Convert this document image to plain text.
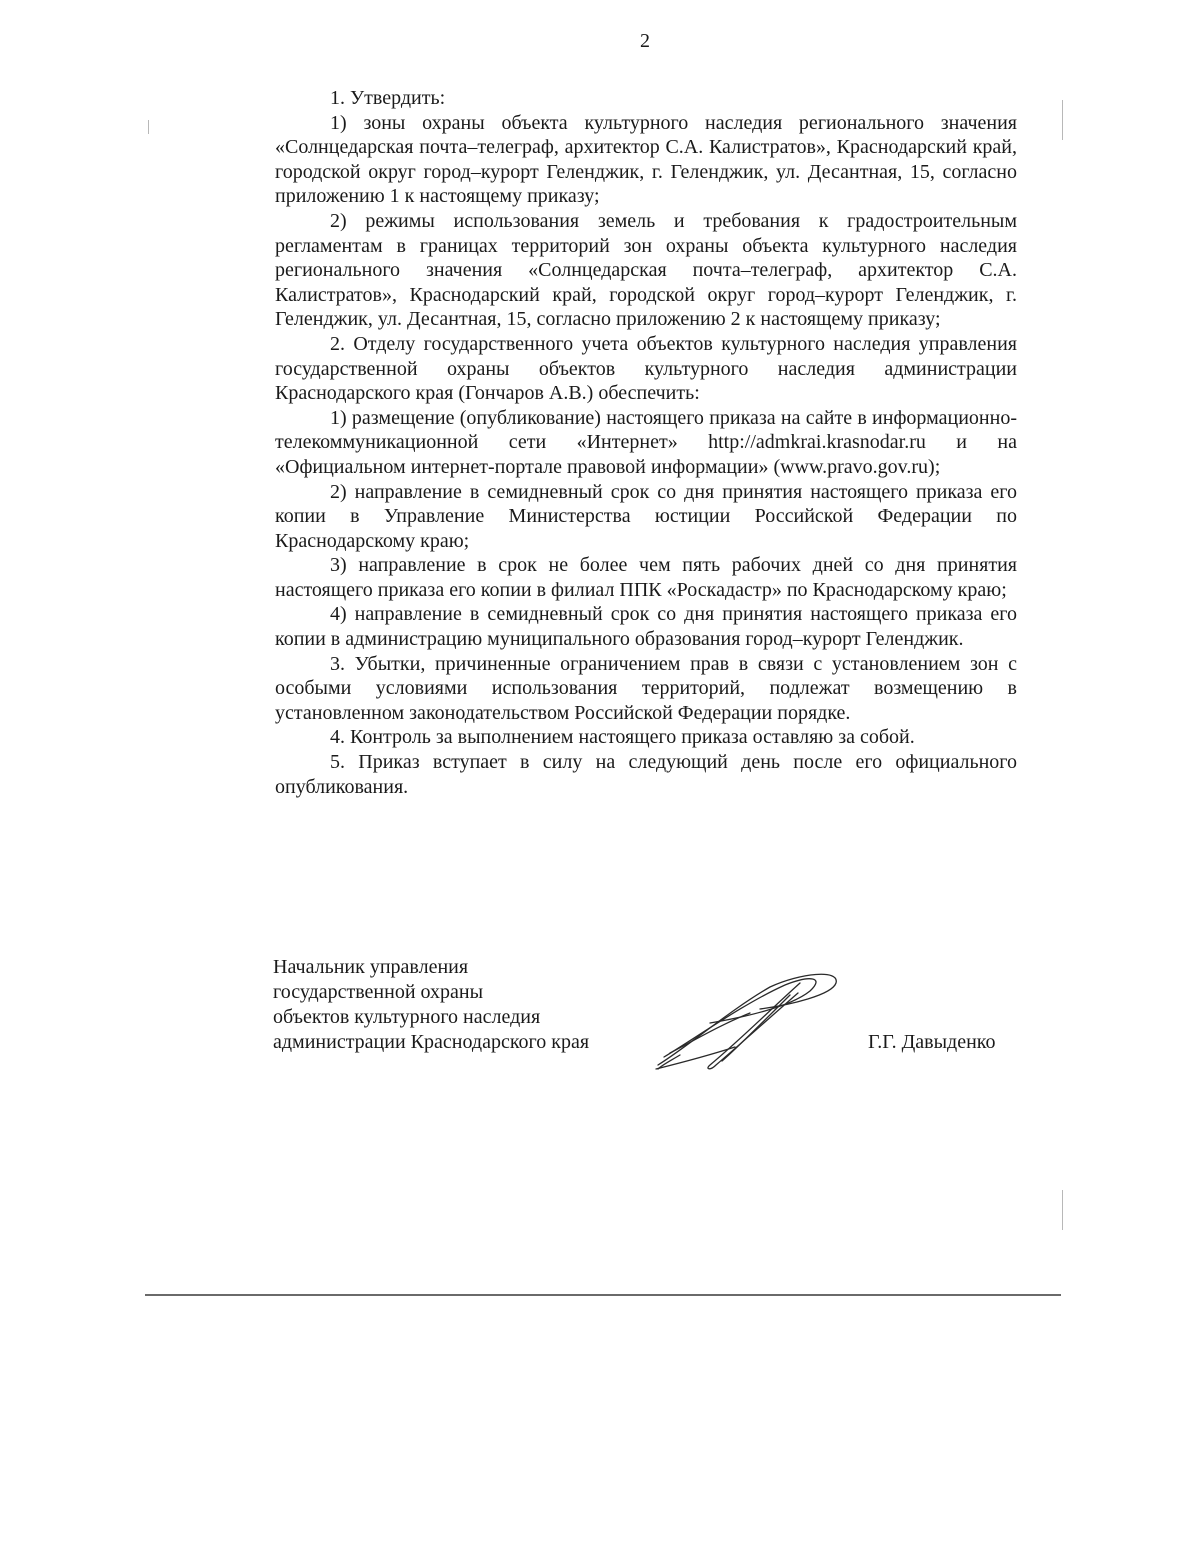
2

1. Утвердить:

1) зоны охраны объекта культурного наследия регионального значения «Солнцедарская почта–телеграф, архитектор С.А. Калистратов», Краснодарский край, городской округ город–курорт Геленджик, г. Геленджик, ул. Десантная, 15, согласно приложению 1 к настоящему приказу;

2) режимы использования земель и требования к градостроительным регламентам в границах территорий зон охраны объекта культурного наследия регионального значения «Солнцедарская почта–телеграф, архитектор С.А. Калистратов», Краснодарский край, городской округ город–курорт Геленджик, г. Геленджик, ул. Десантная, 15, согласно приложению 2 к настоящему приказу;

2. Отделу государственного учета объектов культурного наследия управления государственной охраны объектов культурного наследия администрации Краснодарского края (Гончаров А.В.) обеспечить:

1) размещение (опубликование) настоящего приказа на сайте в информационно-телекоммуникационной сети «Интернет» http://admkrai.krasnodar.ru и на «Официальном интернет-портале правовой информации» (www.pravo.gov.ru);

2) направление в семидневный срок со дня принятия настоящего приказа его копии в Управление Министерства юстиции Российской Федерации по Краснодарскому краю;

3) направление в срок не более чем пять рабочих дней со дня принятия настоящего приказа его копии в филиал ППК «Роскадастр» по Краснодарскому краю;

4) направление в семидневный срок со дня принятия настоящего приказа его копии в администрацию муниципального образования город–курорт Геленджик.

3. Убытки, причиненные ограничением прав в связи с установлением зон с особыми условиями использования территорий, подлежат возмещению в установленном законодательством Российской Федерации порядке.

4. Контроль за выполнением настоящего приказа оставляю за собой.

5. Приказ вступает в силу на следующий день после его официального опубликования.

Начальник управления
государственной охраны
объектов культурного наследия
администрации Краснодарского края	Г.Г. Давыденко
